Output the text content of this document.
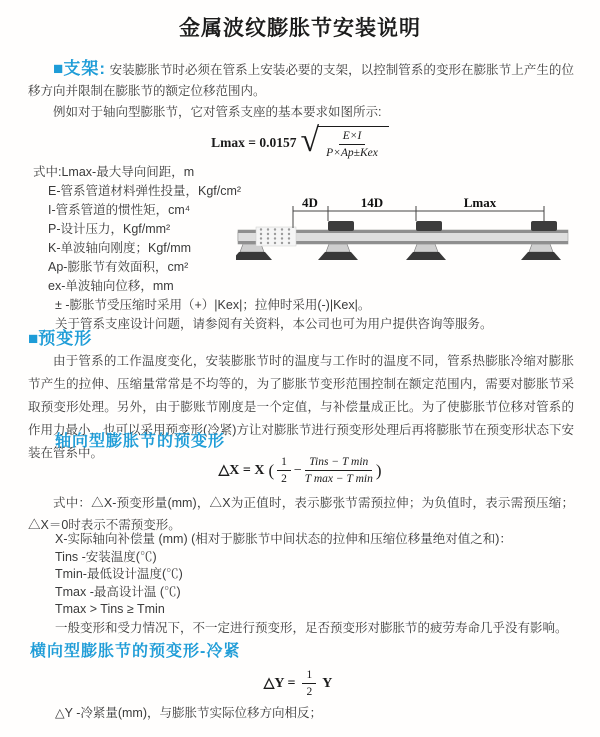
金属波纹膨胀节安装说明
■支架: 安装膨胀节时必须在管系上安装必要的支架，以控制管系的变形在膨胀节上产生的位移方向并限制在膨胀节的额定位移范围内。
例如对于轴向型膨胀节，它对管系支座的基本要求如图所示:
Lmax = 0.0157 √ $\frac{E\times I}{\text{P×Ap±Kex}}$
式中:Lmax-最大导向间距，m
E-管系管道材料弹性投量，Kgf/cm²
I-管系管道的惯性矩，cm⁴
P-设计压力，Kgf/mm²
K-单波轴向刚度；Kgf/mm
Ap-膨胀节有效面积，cm²
ex-单波轴向位移，mm
± -膨胀节受压缩时采用（+）|Kex|；拉伸时采用(-)|Kex|。
关于管系支座设计问题，请参阅有关资料，本公司也可为用户提供咨询等服务。
4D	14D	Lmax
■预变形
由于管系的工作温度变化，安装膨胀节时的温度与工作时的温度不同，管系热膨胀冷缩对膨胀节产生的拉伸、压缩量常常是不均等的，为了膨胀节变形范围控制在额定范围内，需要对膨胀节采取预变形处理。另外，由于膨账节刚度是一个定值，与补偿量成正比。为了使膨胀节位移对管系的作用力最小，也可以采用预变形(冷紧)方让对膨胀节进行预变形处理后再将膨胀节在预变形状态下安装在管系中。
轴向型膨胀节的预变形
△X = X ( $\frac{1}{2} - \frac{\text{Tins − T min}}{\text{T max − T min}}$ )
式中：△X-预变形量(mm)，△X为正值时，表示膨张节需预拉伸；为负值时，表示需预压缩；△X＝0时表示不需预变形。
X-实际轴向补偿量 (mm) (相对于膨胀节中间状态的拉伸和压缩位移量绝对值之和)：
Tins -安装温度(℃)
Tmin-最低设计温度(℃)
Tmax -最高设计温 (℃)
Tmax > Tins ≥ Tmin
一般变形和受力情况下，不一定进行预变形，足否预变形对膨胀节的疲劳寿命几乎没有影响。
横向型膨胀节的预变形-冷紧
△Y = $\frac{1}{2}$ Y
△Y -冷紧量(mm)，与膨胀节实际位移方向相反；
